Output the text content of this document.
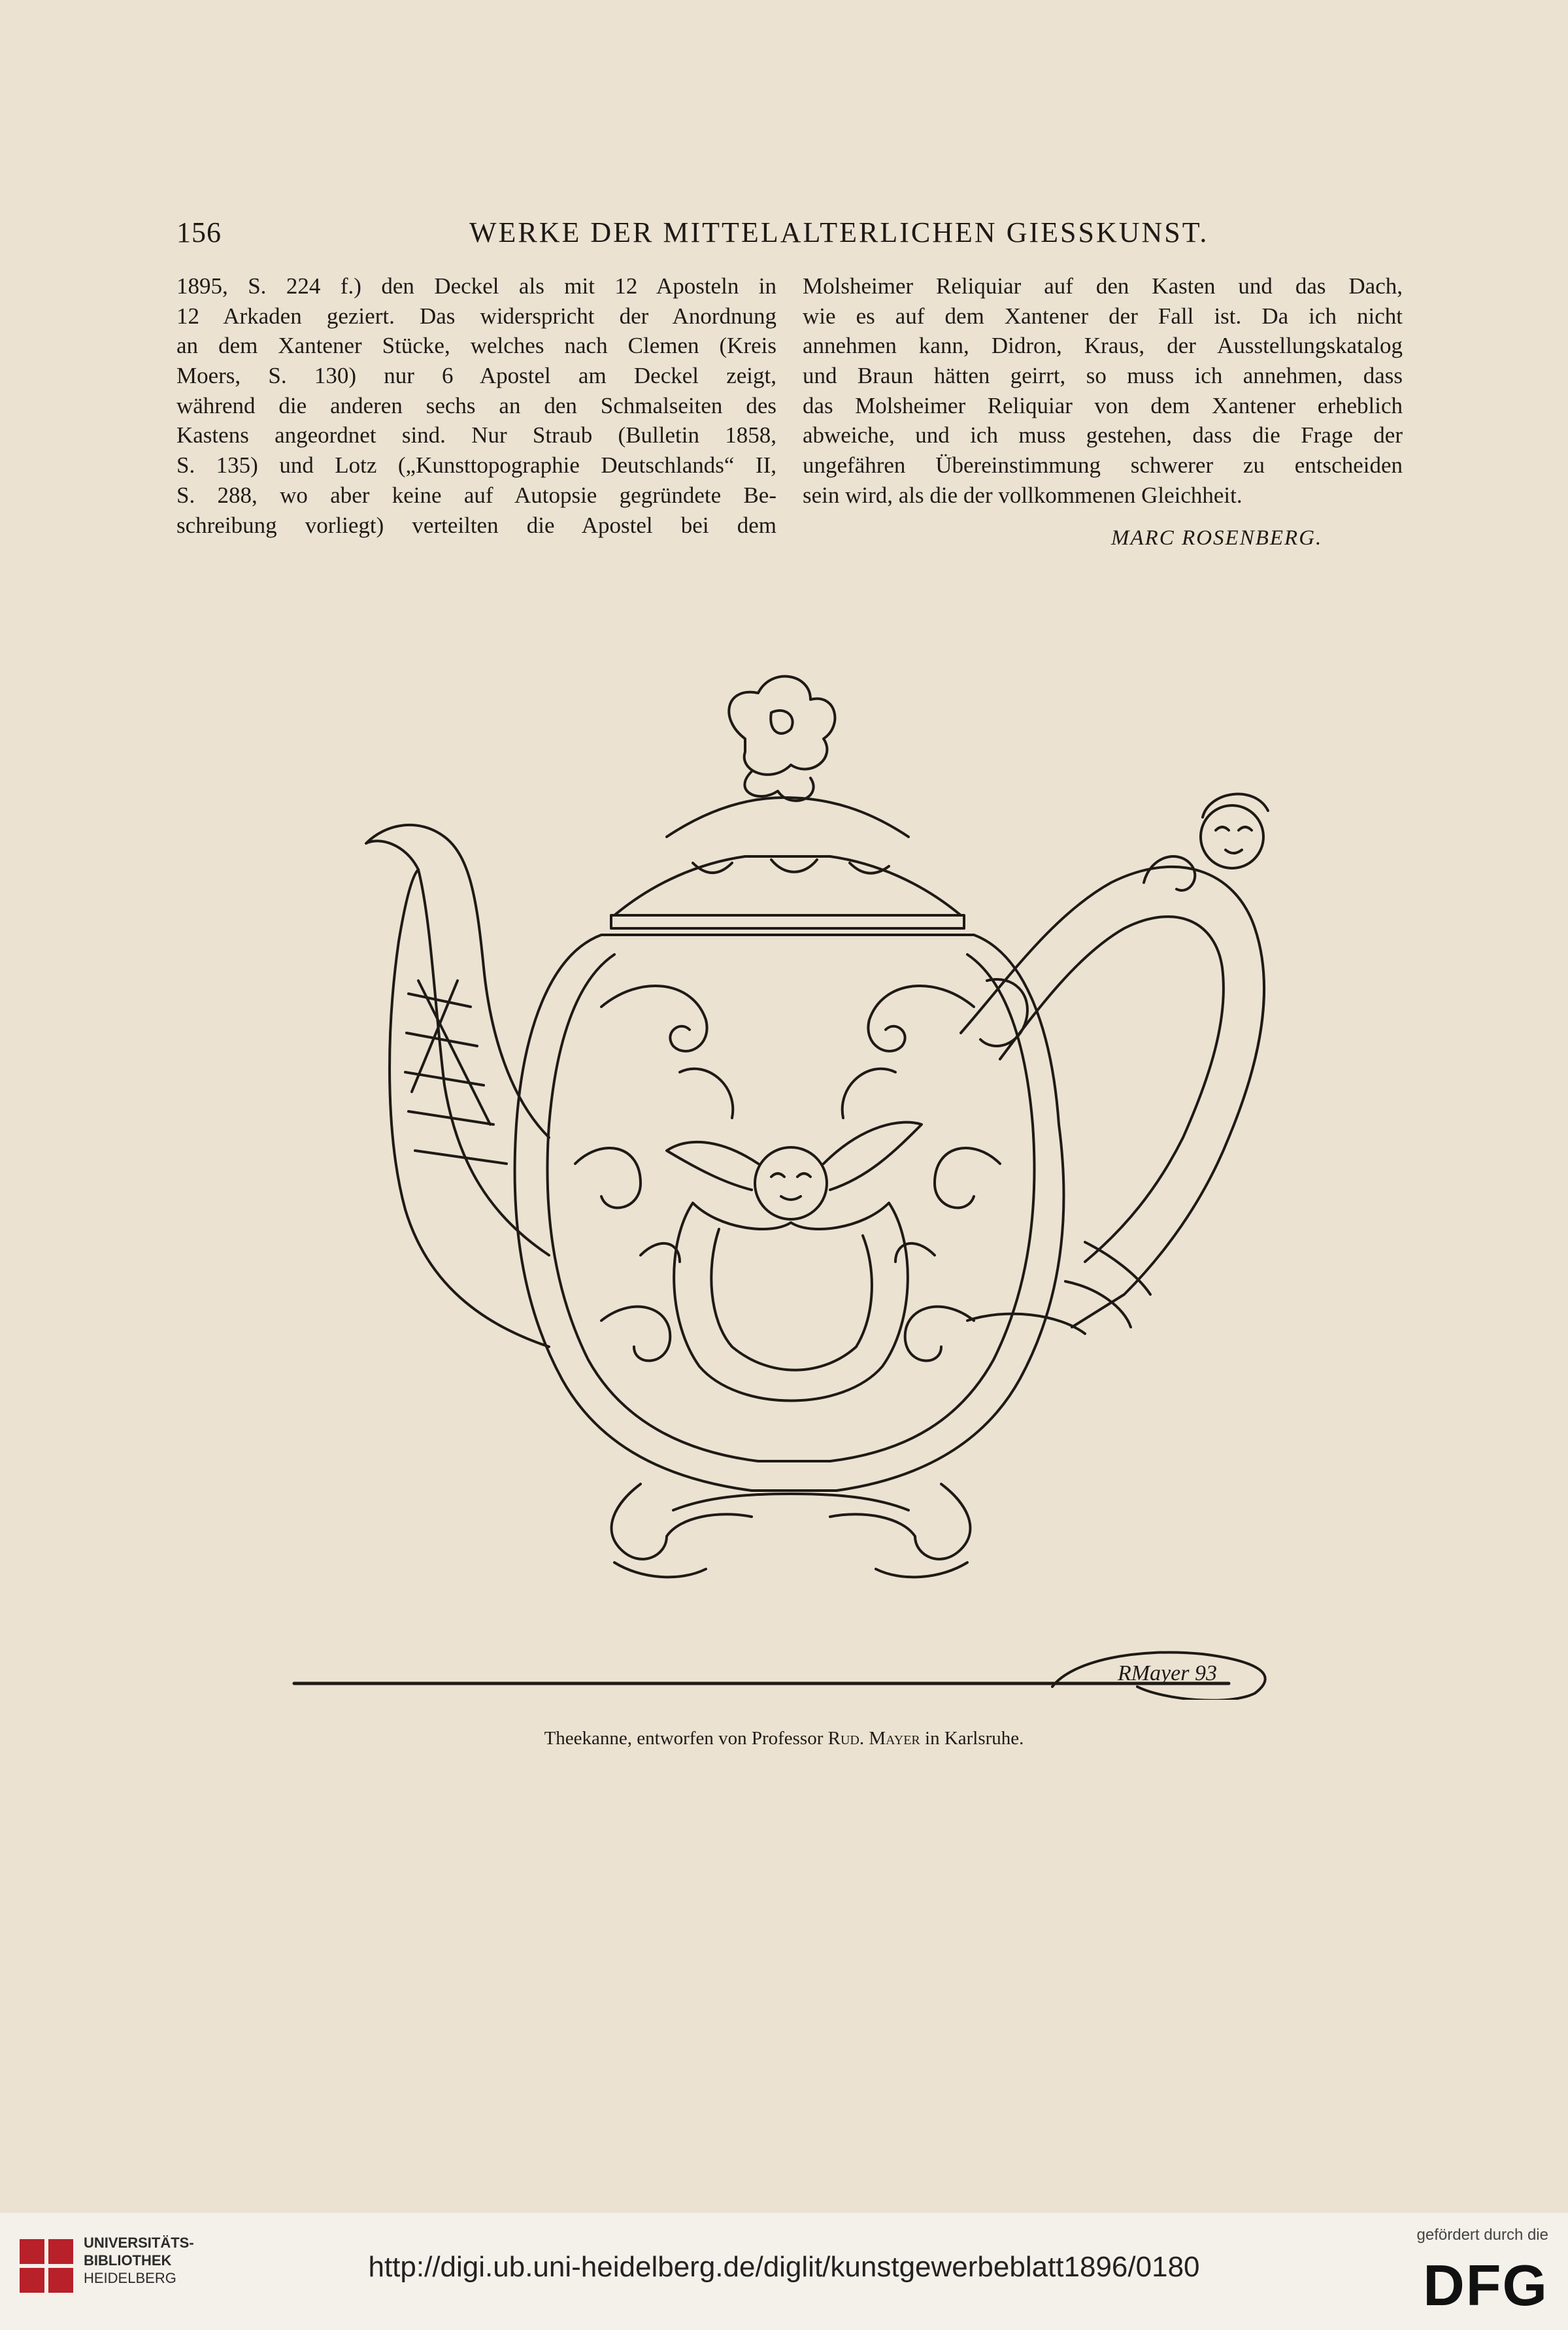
156	WERKE DER MITTELALTERLICHEN GIESSKUNST.
1895, S. 224 f.) den Deckel als mit 12 Aposteln in
12 Arkaden geziert. Das widerspricht der Anordnung
an dem Xantener Stücke, welches nach Clemen (Kreis
Moers, S. 130) nur 6 Apostel am Deckel zeigt,
während die anderen sechs an den Schmalseiten des
Kastens angeordnet sind. Nur Straub (Bulletin 1858,
S. 135) und Lotz („Kunsttopographie Deutschlands“ II,
S. 288, wo aber keine auf Autopsie gegründete Be-
schreibung vorliegt) verteilten die Apostel bei dem
Molsheimer Reliquiar auf den Kasten und das Dach,
wie es auf dem Xantener der Fall ist. Da ich nicht
annehmen kann, Didron, Kraus, der Ausstellungskatalog
und Braun hätten geirrt, so muss ich annehmen, dass
das Molsheimer Reliquiar von dem Xantener erheblich
abweiche, und ich muss gestehen, dass die Frage der
ungefähren Übereinstimmung schwerer zu entscheiden
sein wird, als die der vollkommenen Gleichheit.
MARC ROSENBERG.
RMayer 93
Theekanne, entworfen von Professor Rud. Mayer in Karlsruhe.
UNIVERSITÄTS-
BIBLIOTHEK
HEIDELBERG	http://digi.ub.uni-heidelberg.de/diglit/kunstgewerbeblatt1896/0180
gefördert durch die
DFG
